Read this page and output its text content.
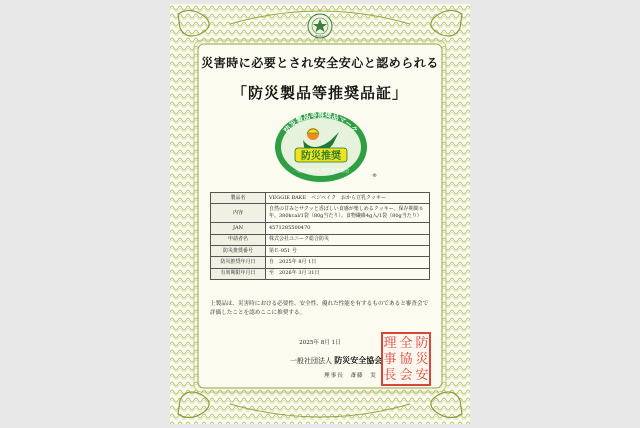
BOSAI
災害時に必要とされ安全安心と認められる
「防災製品等推奨品証」
防災製品等推奨品マーク
防災推奨
一般社団法人 防災安全協会
®
製品名	VEGGIE BAKE　ベジベイク　おから豆乳クッキー
内容	自然の甘みとサクッと香ばしい食感が楽しめるクッキー。保存期間６年。380kcal/1袋（80g当たり）。食物繊維4g入/1袋（80g当たり）
JAN	4571285500470
申請者名	株式会社ユニーク総合防災
防災推奨番号	第Ｅ-951 号
防災推奨年月日	自　2025年 8月 1日
有効期限年月日	至　2026年 3月 31日
上製品は、災害時における必要性、安全性、優れた性能を有するものであると審査会で評価したことを認めここに推奨する。
2025年 8月 1日
一般社団法人 防災安全協会
理事長　斎藤　実
防
災
安
全
協
会
理
事
長
